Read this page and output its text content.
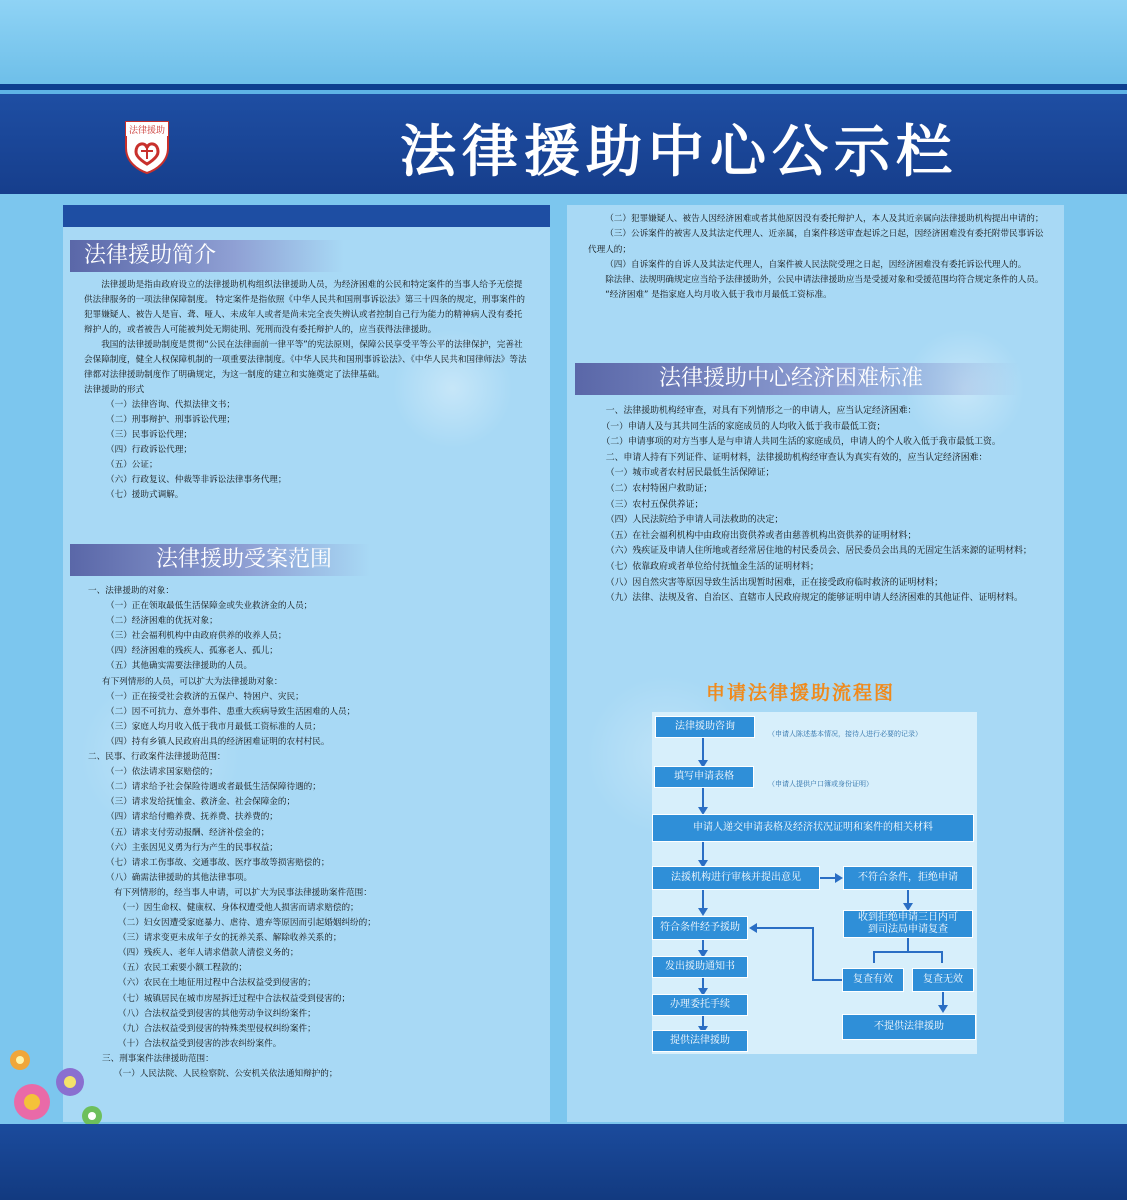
法律援助	法律援助中心公示栏
法律援助简介

法律援助是指由政府设立的法律援助机构组织法律援助人员，为经济困难的公民和特定案件的当事人给予无偿提供法律服务的一项法律保障制度。 特定案件是指依照《中华人民共和国刑事诉讼法》第三十四条的规定，刑事案件的犯罪嫌疑人、被告人是盲、聋、哑人、未成年人或者是尚未完全丧失辨认或者控制自己行为能力的精神病人没有委托辩护人的，或者被告人可能被判处无期徒刑、死刑而没有委托辩护人的，应当获得法律援助。

我国的法律援助制度是贯彻“公民在法律面前一律平等”的宪法原则，保障公民享受平等公平的法律保护，完善社会保障制度，健全人权保障机制的一项重要法律制度。《中华人民共和国刑事诉讼法》、《中华人民共和国律师法》等法律都对法律援助制度作了明确规定，为这一制度的建立和实施奠定了法律基础。

法律援助的形式

（一）法律咨询、代拟法律文书；

（二）刑事辩护、刑事诉讼代理；

（三）民事诉讼代理；

（四）行政诉讼代理；

（五）公证；

（六）行政复议、仲裁等非诉讼法律事务代理；

（七）援助式调解。

法律援助受案范围

一、法律援助的对象：

（一）正在领取最低生活保障金或失业救济金的人员；

（二）经济困难的优抚对象；

（三）社会福利机构中由政府供养的收养人员；

（四）经济困难的残疾人、孤寡老人、孤儿；

（五）其他确实需要法律援助的人员。

有下列情形的人员，可以扩大为法律援助对象：

（一）正在接受社会救济的五保户、特困户、灾民；

（二）因不可抗力、意外事件、患重大疾病导致生活困难的人员；

（三）家庭人均月收入低于我市月最低工资标准的人员；

（四）持有乡镇人民政府出具的经济困难证明的农村村民。

二、民事、行政案件法律援助范围：

（一）依法请求国家赔偿的；

（二）请求给予社会保险待遇或者最低生活保障待遇的；

（三）请求发给抚恤金、救济金、社会保障金的；

（四）请求给付赡养费、抚养费、扶养费的；

（五）请求支付劳动报酬、经济补偿金的；

（六）主张因见义勇为行为产生的民事权益；

（七）请求工伤事故、交通事故、医疗事故等损害赔偿的；

（八）确需法律援助的其他法律事项。

有下列情形的，经当事人申请，可以扩大为民事法律援助案件范围：

（一）因生命权、健康权、身体权遭受他人损害而请求赔偿的；

（二）妇女因遭受家庭暴力、虐待、遗弃等原因而引起婚姻纠纷的；

（三）请求变更未成年子女的抚养关系、解除收养关系的；

（四）残疾人、老年人请求借款人清偿义务的；

（五）农民工索要小额工程款的；

（六）农民在土地征用过程中合法权益受到侵害的；

（七）城镇居民在城市房屋拆迁过程中合法权益受到侵害的；

（八）合法权益受到侵害的其他劳动争议纠纷案件；

（九）合法权益受到侵害的特殊类型侵权纠纷案件；

（十）合法权益受到侵害的涉农纠纷案件。

三、刑事案件法律援助范围：

（一）人民法院、人民检察院、公安机关依法通知辩护的；

（二）犯罪嫌疑人、被告人因经济困难或者其他原因没有委托辩护人，本人及其近亲属向法律援助机构提出申请的；

（三）公诉案件的被害人及其法定代理人、近亲属，自案件移送审查起诉之日起，因经济困难没有委托附带民事诉讼代理人的；

（四）自诉案件的自诉人及其法定代理人，自案件被人民法院受理之日起，因经济困难没有委托诉讼代理人的。

除法律、法规明确规定应当给予法律援助外，公民申请法律援助应当是受援对象和受援范围均符合规定条件的人员。

“经济困难” 是指家庭人均月收入低于我市月最低工资标准。

法律援助中心经济困难标准

一、法律援助机构经审查，对具有下列情形之一的申请人，应当认定经济困难：

（一）申请人及与其共同生活的家庭成员的人均收入低于我市最低工资；

（二）申请事项的对方当事人是与申请人共同生活的家庭成员，申请人的个人收入低于我市最低工资。

二、申请人持有下列证件、证明材料，法律援助机构经审查认为真实有效的，应当认定经济困难：

（一）城市或者农村居民最低生活保障证；

（二）农村特困户救助证；

（三）农村五保供养证；

（四）人民法院给予申请人司法救助的决定；

（五）在社会福利机构中由政府出资供养或者由慈善机构出资供养的证明材料；

（六）残疾证及申请人住所地或者经常居住地的村民委员会、居民委员会出具的无固定生活来源的证明材料；

（七）依靠政府或者单位给付抚恤金生活的证明材料；

（八）因自然灾害等原因导致生活出现暂时困难，正在接受政府临时救济的证明材料；

（九）法律、法规及省、自治区、直辖市人民政府规定的能够证明申请人经济困难的其他证件、证明材料。

申请法律援助流程图
法律援助咨询
（申请人陈述基本情况，接待人进行必要的记录）
填写申请表格
（申请人提供户口簿或身份证明）
申请人递交申请表格及经济状况证明和案件的相关材料
法援机构进行审核并提出意见	不符合条件，拒绝申请
符合条件经予援助
收到拒绝申请三日内可
到司法局申请复查
发出援助通知书
复查有效	复查无效
办理委托手续
不提供法律援助
提供法律援助
